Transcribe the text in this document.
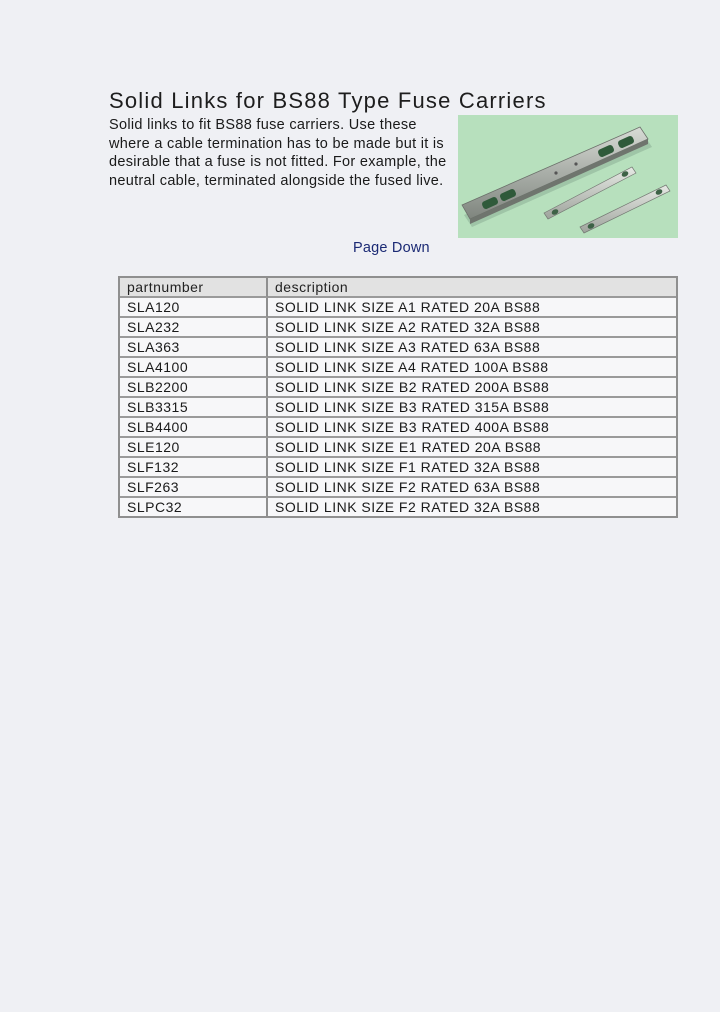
Solid Links for BS88 Type Fuse Carriers

Solid links to fit BS88 fuse carriers. Use these where a cable termination has to be made but it is desirable that a fuse is not fitted. For example, the neutral cable, terminated alongside the fused live.

Page Down
partnumber	description
SLA120	SOLID LINK SIZE A1 RATED 20A BS88
SLA232	SOLID LINK SIZE A2 RATED 32A BS88
SLA363	SOLID LINK SIZE A3 RATED 63A BS88
SLA4100	SOLID LINK SIZE A4 RATED 100A BS88
SLB2200	SOLID LINK SIZE B2 RATED 200A BS88
SLB3315	SOLID LINK SIZE B3 RATED 315A BS88
SLB4400	SOLID LINK SIZE B3 RATED 400A BS88
SLE120	SOLID LINK SIZE E1 RATED 20A BS88
SLF132	SOLID LINK SIZE F1 RATED 32A BS88
SLF263	SOLID LINK SIZE F2 RATED 63A BS88
SLPC32	SOLID LINK SIZE F2 RATED 32A BS88
